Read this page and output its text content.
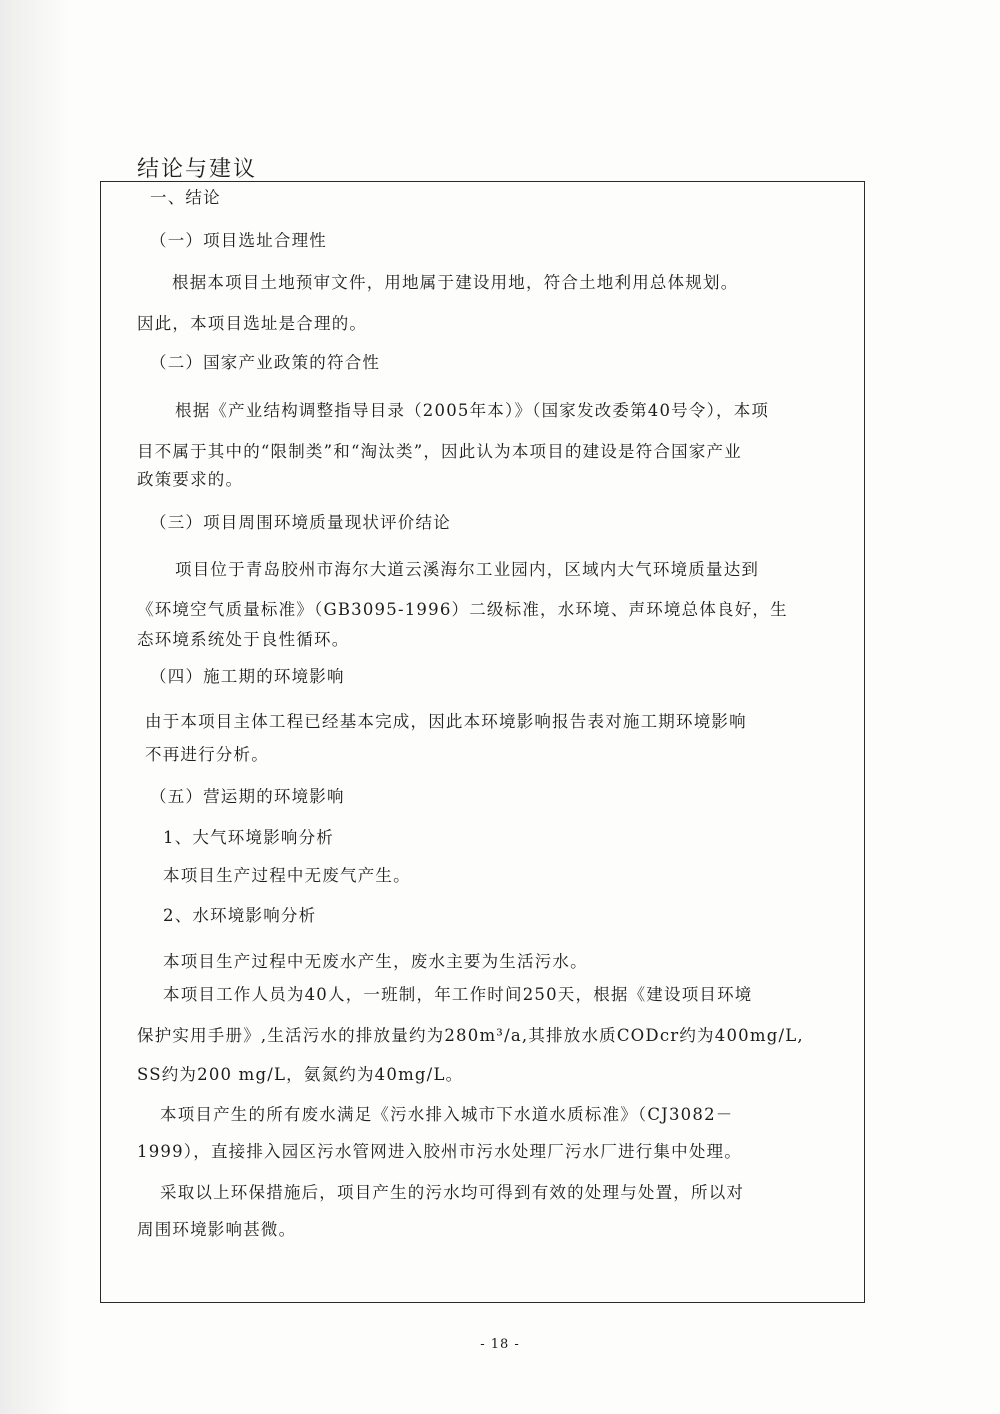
结论与建议

一、结论

（一）项目选址合理性

根据本项目土地预审文件，用地属于建设用地，符合土地利用总体规划。

因此，本项目选址是合理的。

（二）国家产业政策的符合性

根据《产业结构调整指导目录（2005年本）》（国家发改委第40号令），本项

目不属于其中的“限制类”和“淘汰类”，因此认为本项目的建设是符合国家产业

政策要求的。

（三）项目周围环境质量现状评价结论

项目位于青岛胶州市海尔大道云溪海尔工业园内，区域内大气环境质量达到

《环境空气质量标准》（GB3095-1996）二级标准，水环境、声环境总体良好，生

态环境系统处于良性循环。

（四）施工期的环境影响

由于本项目主体工程已经基本完成，因此本环境影响报告表对施工期环境影响

不再进行分析。

（五）营运期的环境影响

1、大气环境影响分析

本项目生产过程中无废气产生。

2、水环境影响分析

本项目生产过程中无废水产生，废水主要为生活污水。

本项目工作人员为40人，一班制，年工作时间250天，根据《建设项目环境

保护实用手册》,生活污水的排放量约为280m³/a,其排放水质CODcr约为400mg/L,

SS约为200 mg/L，氨氮约为40mg/L。

本项目产生的所有废水满足《污水排入城市下水道水质标准》（CJ3082－

1999），直接排入园区污水管网进入胶州市污水处理厂污水厂进行集中处理。

采取以上环保措施后，项目产生的污水均可得到有效的处理与处置，所以对

周围环境影响甚微。

- 18 -
